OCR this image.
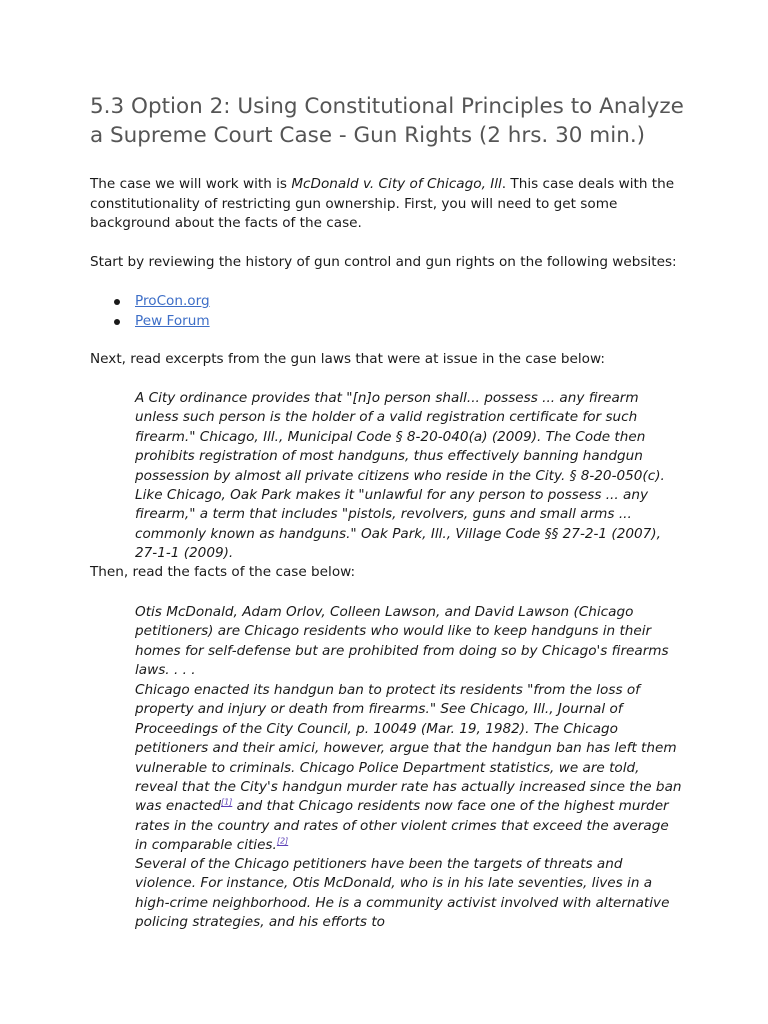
5.3 Option 2: Using Constitutional Principles to Analyze a Supreme Court Case - Gun Rights (2 hrs. 30 min.)

The case we will work with is McDonald v. City of Chicago, Ill. This case deals with the constitutionality of restricting gun ownership. First, you will need to get some background about the facts of the case.

Start by reviewing the history of gun control and gun rights on the following websites:

ProCon.org
Pew Forum

Next, read excerpts from the gun laws that were at issue in the case below:

A City ordinance provides that "[n]o person shall... possess ... any firearm unless such person is the holder of a valid registration certificate for such firearm." Chicago, Ill., Municipal Code § 8-20-040(a) (2009). The Code then prohibits registration of most handguns, thus effectively banning handgun possession by almost all private citizens who reside in the City. § 8-20-050(c). Like Chicago, Oak Park makes it "unlawful for any person to possess ... any firearm," a term that includes "pistols, revolvers, guns and small arms ... commonly known as handguns." Oak Park, Ill., Village Code §§ 27-2-1 (2007), 27-1-1 (2009).

Then, read the facts of the case below:

Otis McDonald, Adam Orlov, Colleen Lawson, and David Lawson (Chicago petitioners) are Chicago residents who would like to keep handguns in their homes for self-defense but are prohibited from doing so by Chicago's firearms laws. . . .

Chicago enacted its handgun ban to protect its residents "from the loss of property and injury or death from firearms." See Chicago, Ill., Journal of Proceedings of the City Council, p. 10049 (Mar. 19, 1982). The Chicago petitioners and their amici, however, argue that the handgun ban has left them vulnerable to criminals. Chicago Police Department statistics, we are told, reveal that the City's handgun murder rate has actually increased since the ban was enacted[1] and that Chicago residents now face one of the highest murder rates in the country and rates of other violent crimes that exceed the average in comparable cities.[2]

Several of the Chicago petitioners have been the targets of threats and violence. For instance, Otis McDonald, who is in his late seventies, lives in a high-crime neighborhood. He is a community activist involved with alternative policing strategies, and his efforts to
